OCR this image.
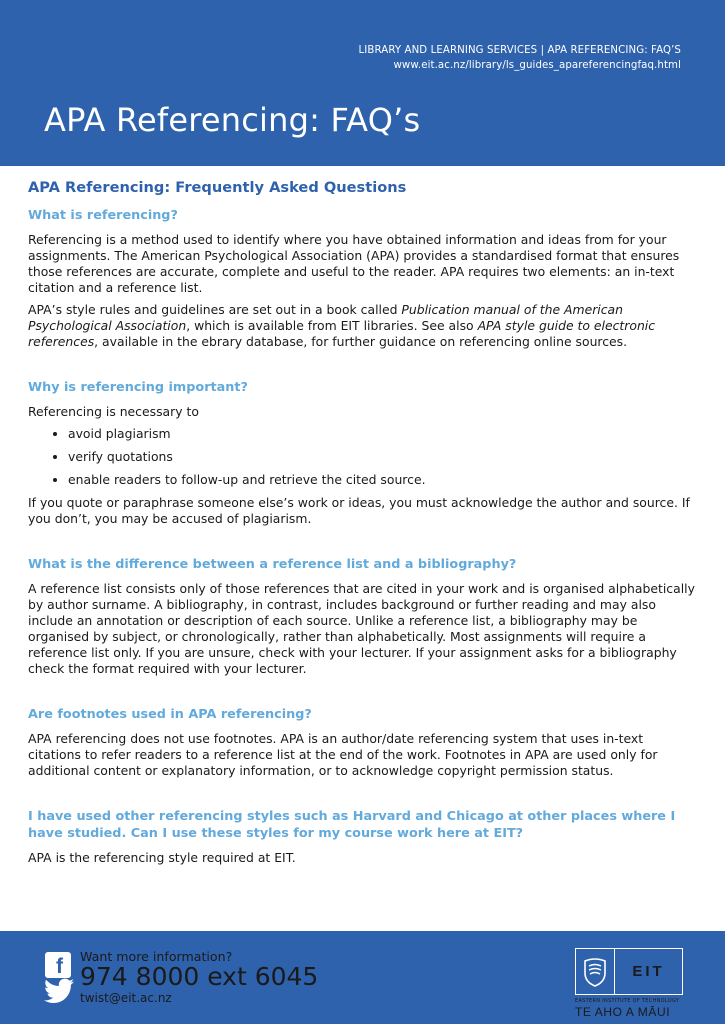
LIBRARY AND LEARNING SERVICES | APA REFERENCING: FAQ’S
www.eit.ac.nz/library/ls_guides_apareferencingfaq.html
APA Referencing: FAQ’s
APA Referencing: Frequently Asked Questions
What is referencing?

Referencing is a method used to identify where you have obtained information and ideas from for your assignments. The American Psychological Association (APA) provides a standardised format that ensures those references are accurate, complete and useful to the reader. APA requires two elements: an in-text citation and a reference list.

APA’s style rules and guidelines are set out in a book called Publication manual of the American Psychological Association, which is available from EIT libraries. See also APA style guide to electronic references, available in the ebrary database, for further guidance on referencing online sources.

Why is referencing important?

Referencing is necessary to

• avoid plagiarism
• verify quotations
• enable readers to follow-up and retrieve the cited source.

If you quote or paraphrase someone else’s work or ideas, you must acknowledge the author and source. If you don’t, you may be accused of plagiarism.

What is the difference between a reference list and a bibliography?

A reference list consists only of those references that are cited in your work and is organised alphabetically by author surname. A bibliography, in contrast, includes background or further reading and may also include an annotation or description of each source. Unlike a reference list, a bibliography may be organised by subject, or chronologically, rather than alphabetically. Most assignments will require a reference list only. If you are unsure, check with your lecturer. If your assignment asks for a bibliography check the format required with your lecturer.

Are footnotes used in APA referencing?

APA referencing does not use footnotes. APA is an author/date referencing system that uses in-text citations to refer readers to a reference list at the end of the work. Footnotes in APA are used only for additional content or explanatory information, or to acknowledge copyright permission status.

I have used other referencing styles such as Harvard and Chicago at other places where I have studied. Can I use these styles for my course work here at EIT?

APA is the referencing style required at EIT.

f Want more information?
974 8000 ext 6045
twist@eit.ac.nz
EIT
EASTERN INSTITUTE OF TECHNOLOGY
TE AHO A MĀUI
